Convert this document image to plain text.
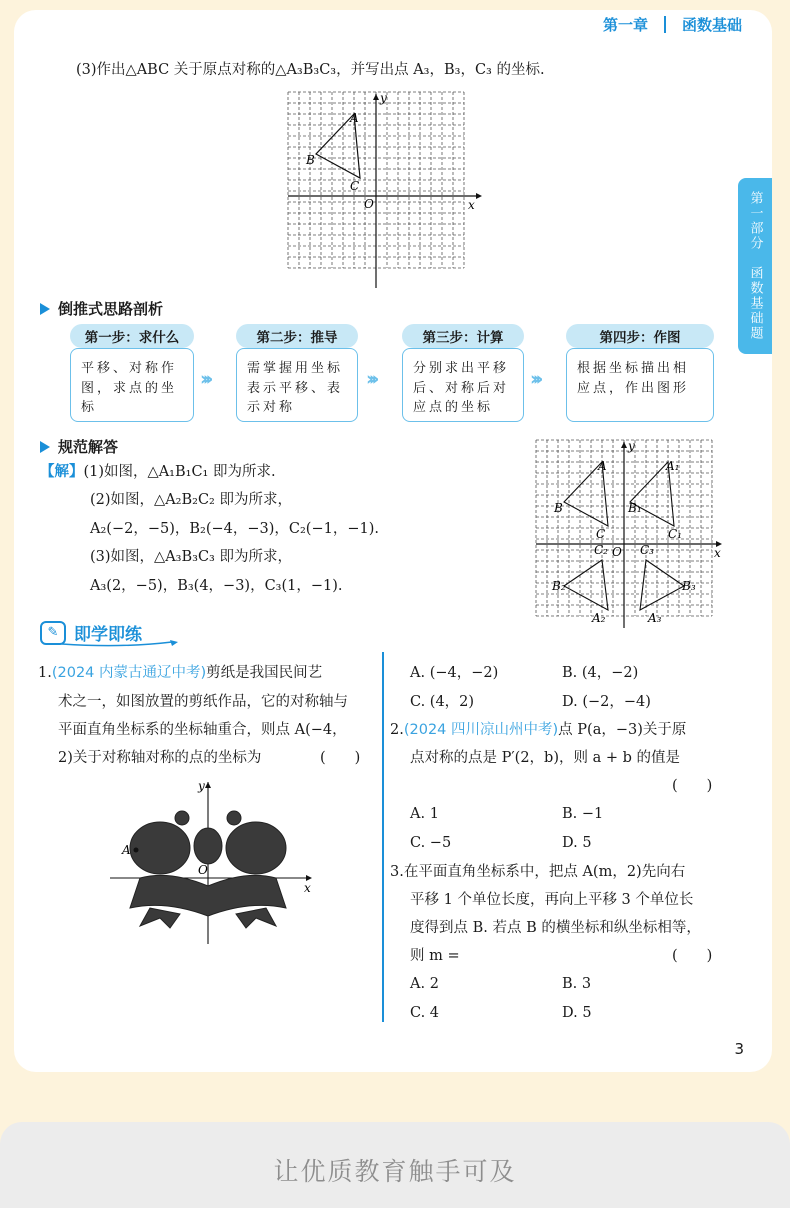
第一章 函数基础
第一部分　函数基础题
(3)作出△ABC 关于原点对称的△A₃B₃C₃，并写出点 A₃，B₃，C₃ 的坐标.
A
B
C
O	x
y
倒推式思路剖析
第一步：求什么	第二步：推导	第三步：计算	第四步：作图
平移、对称作图，求点的坐标
›››	需掌握用坐标表示平移、表示对称
›››	分别求出平移后、对称后对应点的坐标
›››	根据坐标描出相应点，作出图形
规范解答
【解】(1)如图，△A₁B₁C₁ 即为所求.
(2)如图，△A₂B₂C₂ 即为所求，
A₂(−2，−5)，B₂(−4，−3)，C₂(−1，−1).
(3)如图，△A₃B₃C₃ 即为所求，
A₃(2，−5)，B₃(4，−3)，C₃(1，−1).
A
B
C
A₁
B₁
C₁
C₂
B₂
A₂
C₃
B₃
A₃
O	x
y
✎ 即学即练
1.(2024 内蒙古通辽中考)剪纸是我国民间艺
术之一，如图放置的剪纸作品，它的对称轴与
平面直角坐标系的坐标轴重合，则点 A(−4，
2)关于对称轴对称的点的坐标为	(　　)
A
O
x
y
A. (−4，−2)	B. (4，−2)
C. (4，2)	D. (−2，−4)
2.(2024 四川凉山州中考)点 P(a，−3)关于原
点对称的点是 P′(2，b)，则 a + b 的值是
(　　)
A. 1	B. −1
C. −5	D. 5
3.在平面直角坐标系中，把点 A(m，2)先向右
平移 1 个单位长度，再向上平移 3 个单位长
度得到点 B. 若点 B 的横坐标和纵坐标相等，
则 m =	(　　)
A. 2	B. 3
C. 4	D. 5
3
让优质教育触手可及
